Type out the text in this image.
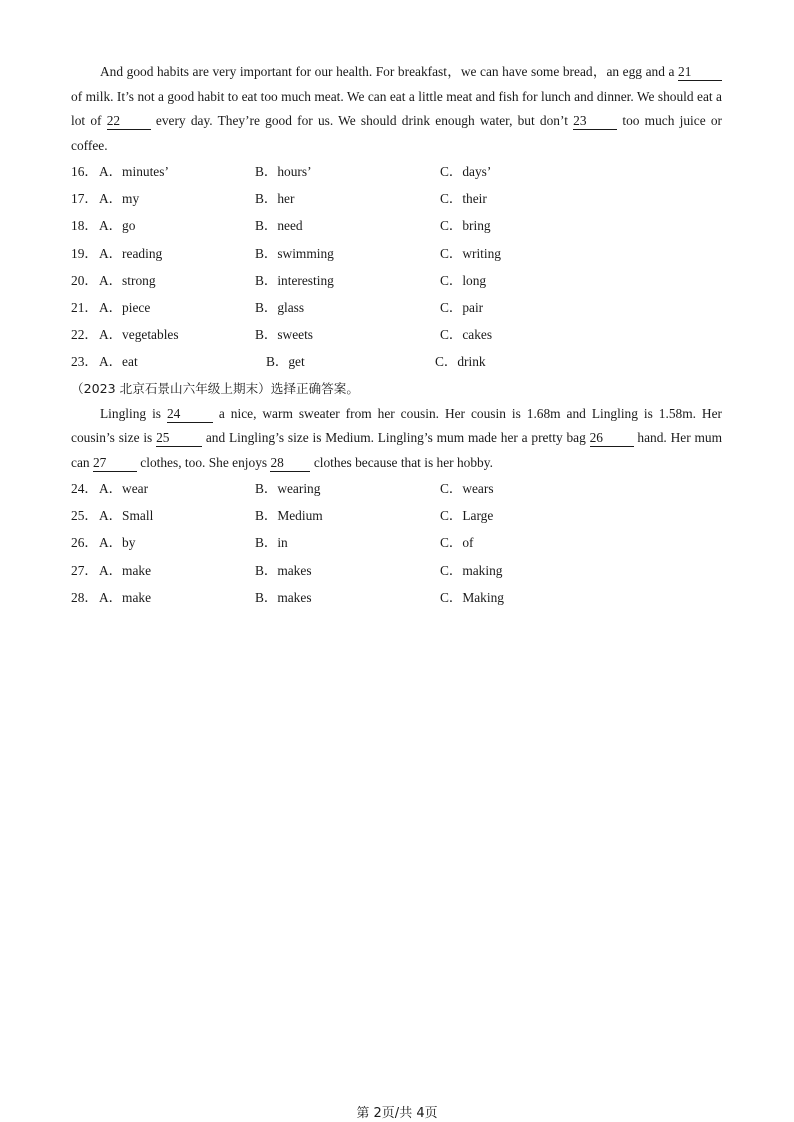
And good habits are very important for our health. For breakfast，we can have some bread，an egg and a 21 of milk. It’s not a good habit to eat too much meat. We can eat a little meat and fish for lunch and dinner. We should eat a lot of 22 every day. They’re good for us. We should drink enough water, but don’t 23 too much juice or coffee.

16． A．minutes’	B．hours’	C．days’
17． A．my	B．her	C．their
18． A．go	B．need	C．bring
19． A．reading	B．swimming	C．writing
20． A．strong	B．interesting	C．long
21． A．piece	B．glass	C．pair
22． A．vegetables	B．sweets	C．cakes
23． A．eat	B．get	C．drink

（2023 北京石景山六年级上期末）选择正确答案。

Lingling is 24 a nice, warm sweater from her cousin. Her cousin is 1.68m and Lingling is 1.58m. Her cousin’s size is 25 and Lingling’s size is Medium. Lingling’s mum made her a pretty bag 26 hand. Her mum can 27 clothes, too. She enjoys 28 clothes because that is her hobby.

24． A．wear	B．wearing	C．wears
25． A．Small	B．Medium	C．Large
26． A．by	B．in	C．of
27． A．make	B．makes	C．making
28． A．make	B．makes	C．Making
第 2页/共 4页
